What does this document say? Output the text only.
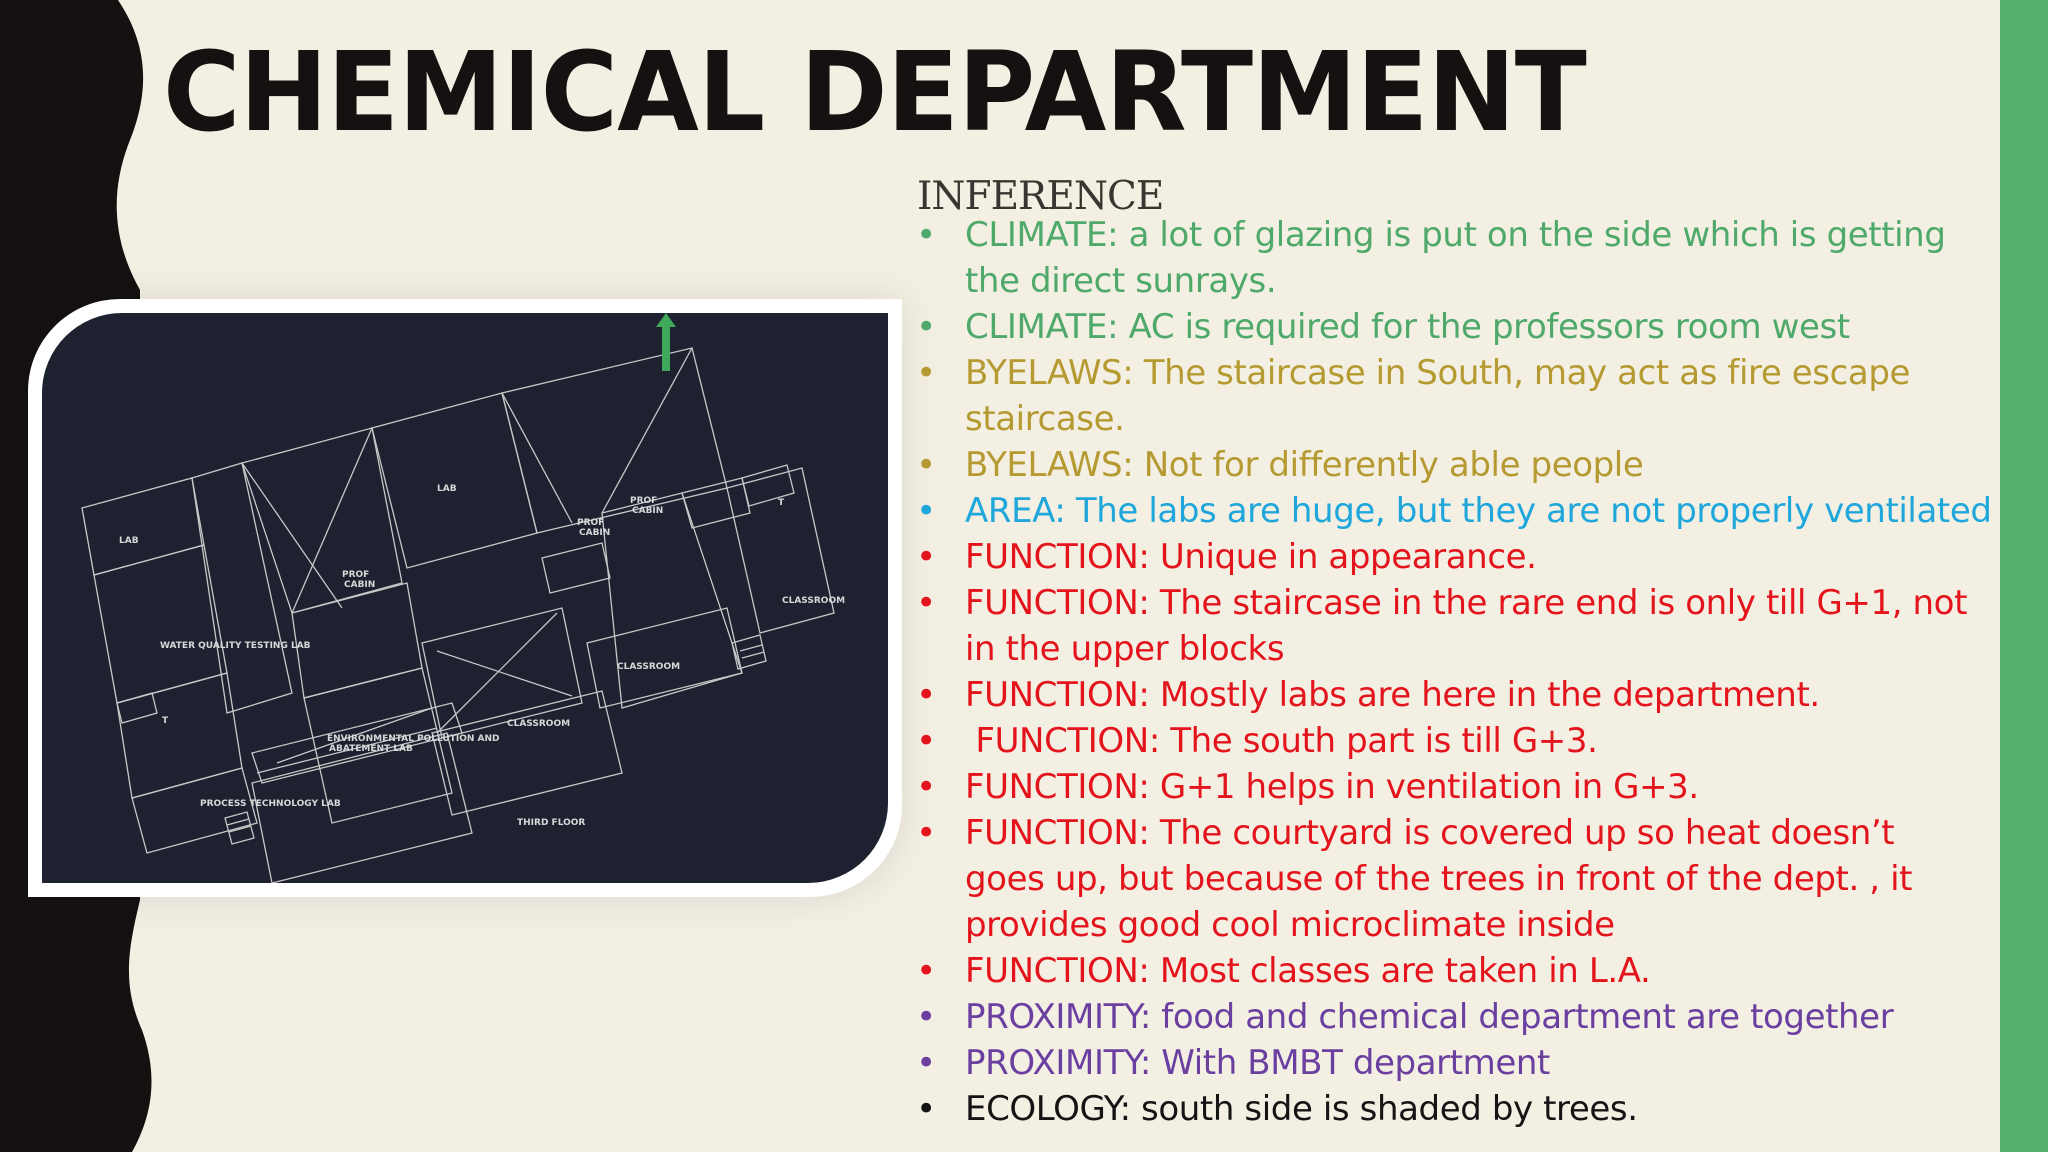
CHEMICAL DEPARTMENT
LAB
LAB
PROF CABIN
PROF CABIN
PROF CABIN
T
T
CLASSROOM
WATER QUALITY TESTING LAB
CLASSROOM
CLASSROOM
ENVIRONMENTAL POLLUTION AND ABATEMENT LAB
PROCESS TECHNOLOGY LAB
THIRD FLOOR
INFERENCE
• CLIMATE: a lot of glazing is put on the side which is getting
the direct sunrays.
• CLIMATE: AC is required for the professors room west
• BYELAWS: The staircase in South, may act as fire escape
staircase.
• BYELAWS: Not for differently able people
• AREA: The labs are huge, but they are not properly ventilated
• FUNCTION: Unique in appearance.
• FUNCTION: The staircase in the rare end is only till G+1, not
in the upper blocks
• FUNCTION: Mostly labs are here in the department.
• FUNCTION: The south part is till G+3.
• FUNCTION: G+1 helps in ventilation in G+3.
• FUNCTION: The courtyard is covered up so heat doesn’t
goes up, but because of the trees in front of the dept. , it
provides good cool microclimate inside
• FUNCTION: Most classes are taken in L.A.
• PROXIMITY: food and chemical department are together
• PROXIMITY: With BMBT department
• ECOLOGY: south side is shaded by trees.
